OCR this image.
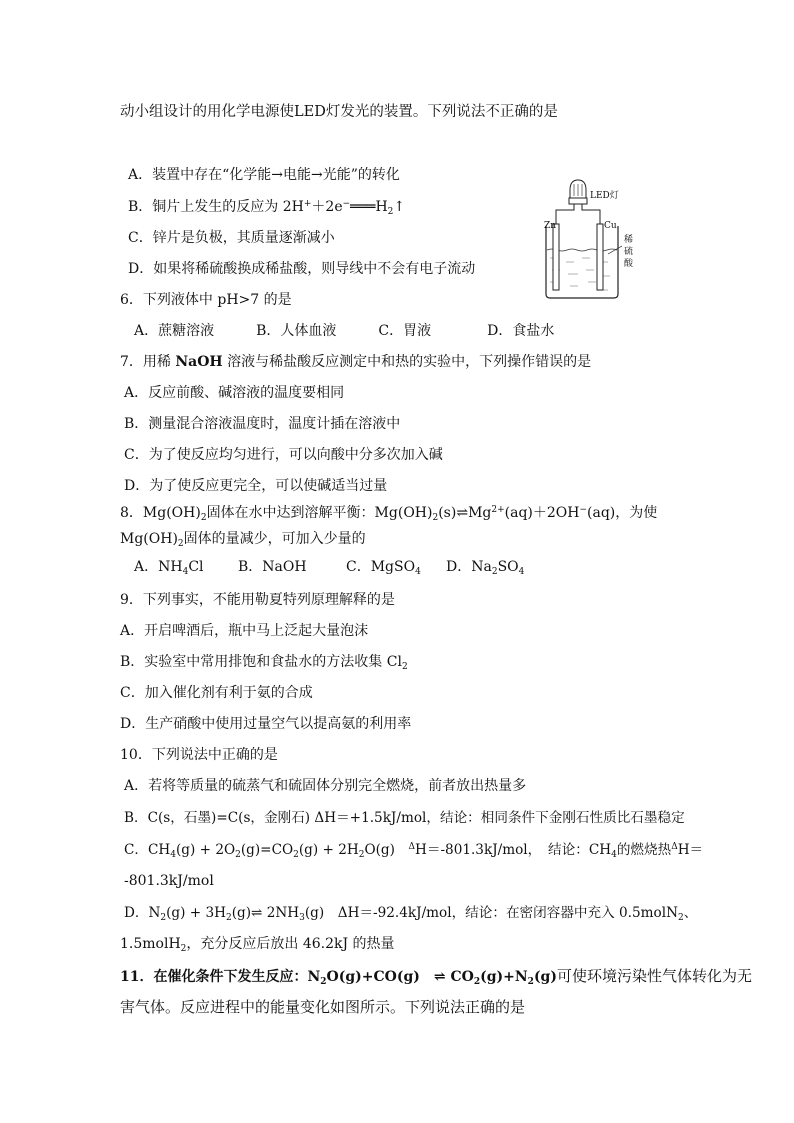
动小组设计的用化学电源使LED灯发光的装置。下列说法不正确的是
A．装置中存在“化学能→电能→光能”的转化
B．铜片上发生的反应为 $2H^++2e^-═══H_2↑$
C．锌片是负极，其质量逐渐减小
D．如果将稀硫酸换成稀盐酸，则导线中不会有电子流动
LED灯
Zn	Cu
稀
硫
酸
6．下列液体中 pH>7 的是
A．蔗糖溶液　　　B．人体血液　　　C．胃液　　　　D．食盐水
7．用稀 NaOH 溶液与稀盐酸反应测定中和热的实验中，下列操作错误的是
A．反应前酸、碱溶液的温度要相同
B．测量混合溶液温度时，温度计插在溶液中
C．为了使反应均匀进行，可以向酸中分多次加入碱
D．为了使反应更完全，可以使碱适当过量
8．$Mg(OH)_2$固体在水中达到溶解平衡：$Mg(OH)_2(s)\rightleftharpoons Mg^{2+}(aq)+2OH^-(aq)$，为使
$Mg(OH)_2$固体的量减少，可加入少量的
A．$NH_4Cl$ B．NaOH	C．MgSO$_4$ D．$Na_2SO_4$
9．下列事实，不能用勒夏特列原理解释的是
A．开启啤酒后，瓶中马上泛起大量泡沫
B．实验室中常用排饱和食盐水的方法收集 $Cl_2$
C．加入催化剂有利于氨的合成
D．生产硝酸中使用过量空气以提高氨的利用率
10．下列说法中正确的是
A．若将等质量的硫蒸气和硫固体分别完全燃烧，前者放出热量多
B．C(s，石墨)=C(s，金刚石) ΔH＝+1.5kJ/mol，结论：相同条件下金刚石性质比石墨稳定
C．$CH_4(g) + 2O_2(g)=CO_2(g) + 2H_2O(g)$　$^\Delta$H＝-801.3kJ/mol，　结论：$CH_4$的燃烧热$^\Delta$H＝
-801.3kJ/mol
D．$N_2(g)$ + $3H_2(g)\rightleftharpoons$ $2NH_3(g)$　ΔH＝-92.4kJ/mol，结论：在密闭容器中充入 0.5molN$_2$、
1.5molH$_2$，充分反应后放出 46.2kJ 的热量
11．在催化条件下发生反应：$N_2O(g)+CO(g)$　⇌ $CO_2(g)+N_2(g)$可使环境污染性气体转化为无
害气体。反应进程中的能量变化如图所示。下列说法正确的是
